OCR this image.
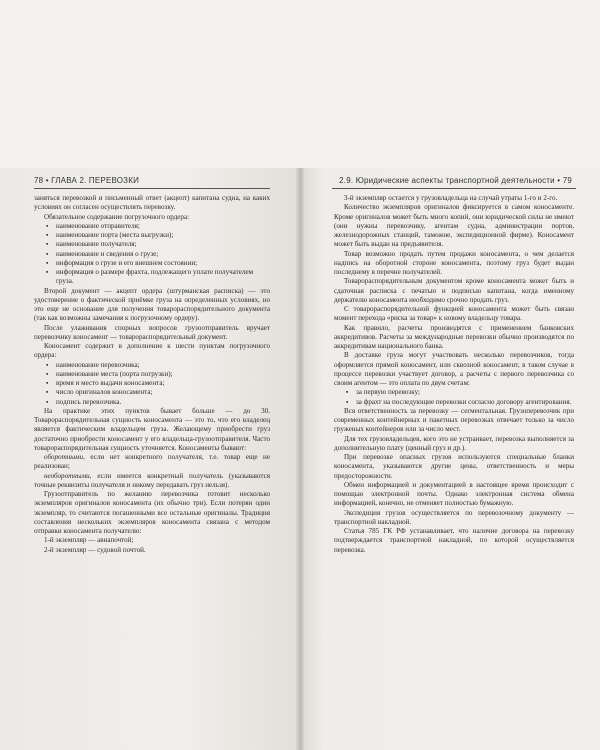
78 • ГЛАВА 2. ПЕРЕВОЗКИ

заняться перевозкой и письменный ответ (акцепт) капитана судна, на каких условиях он согласен осуществлять перевозку.

Обязательное содержание погрузочного ордера:

▪ наименование отправителя;
▪ наименование порта (места выгрузки);
▪ наименование получателя;
▪ наименование и сведения о грузе;
▪ информация о грузе и его внешнем состоянии;
▪ информация о размере фрахта, подлежащего уплате получателем груза.

Второй документ — акцепт ордера (штурманская расписка) — это удостоверение о фактической приёмке груза на определенных условиях, но это еще не основание для получения товарораспорядительного документа (так как возможны замечания к погрузочному ордеру).

После улаживания спорных вопросов грузоотправитель вручает перевозчику коносамент — товарораспорядительный документ.

Коносамент содержит в дополнение к шести пунктам погрузочного ордера:

▪ наименование перевозчика;
▪ наименование места (порта погрузки);
▪ время и место выдачи коносамента;
▪ число оригиналов коносамента;
▪ подпись перевозчика.

На практике этих пунктов бывает больше — до 30. Товарораспорядительная сущность коносамента — это то, что его владелец является фактическим владельцем груза. Желающему приобрести груз достаточно приобрести коносамент у его владельца-грузоотправителя. Часто товарораспорядительная сущность уточняется. Коносаменты бывают:

оборотными, если нет конкретного получателя, т.е. товар еще не реализован;

необоротными, если имеется конкретный получатель (указываются точные реквизиты получателя и никому передавать груз нельзя).

Грузоотправитель по желанию перевозчика готовит несколько экземпляров оригиналов коносамента (их обычно три). Если потерян один экземпляр, то считаются погашенными все остальные оригиналы. Традиция составления нескольких экземпляров коносамента связана с методом отправки коносамента получателю:

1-й экземпляр — авиапочтой;

2-й экземпляр — судовой почтой.

2.9. Юридические аспекты транспортной деятельности • 79

3-й экземпляр остается у грузовладельца на случай утраты 1-го и 2-го.

Количество экземпляров оригиналов фиксируется в самом коносаменте. Кроме оригиналов может быть много копий, они юридической силы не имеют (они нужны перевозчику, агентам судна, администрации портов, железнодорожных станций, таможне, экспедиционной фирме). Коносамент может быть выдан на предъявителя.

Товар возможно продать путем продажи коносамента, о чем делается надпись на оборотной стороне коносамента, поэтому груз будет выдан последнему в перечне получателей.

Товарораспорядительным документом кроме коносамента может быть и сдаточная расписка с печатью и подписью капитана, когда именному держателю коносамента необходимо срочно продать груз.

С товарораспорядительной функцией коносамента может быть связан момент перехода «риска за товар» к новому владельцу товара.

Как правило, расчеты производятся с применением банковских аккредитивов. Расчеты за международные перевозки обычно производятся по аккредитивам национального банка.

В доставке груза могут участвовать несколько перевозчиков, тогда оформляется прямой коносамент, или сквозной коносамент, в таком случае в процессе перевозки участвует договор, а расчеты с первого перевозчика со своим агентом — это оплата по двум счетам:

▪ за первую перевозку;
▪ за фрахт на последующие перевозки согласно договору агентирования.

Вся ответственность за перевозку — сегментальная. Грузоперевозчик при современных контейнерных и пакетных перевозках отвечает только за число груженых контейнеров или за число мест.

Для тех грузовладельцев, кого это не устраивает, перевозка выполняется за дополнительную плату (ценный груз и др.).

При перевозке опасных грузов используются специальные бланки коносамента, указываются другие цены, ответственность и меры предосторожности.

Обмен информацией и документацией в настоящее время происходит с помощью электронной почты. Однако электронная система обмена информацией, конечно, не отменяет полностью бумажную.

Экспедиция грузов осуществляется по перевозочному документу — транспортной накладной.

Статья 785 ГК РФ устанавливает, что наличие договора на перевозку подтверждается транспортной накладной, по которой осуществляется перевозка.
